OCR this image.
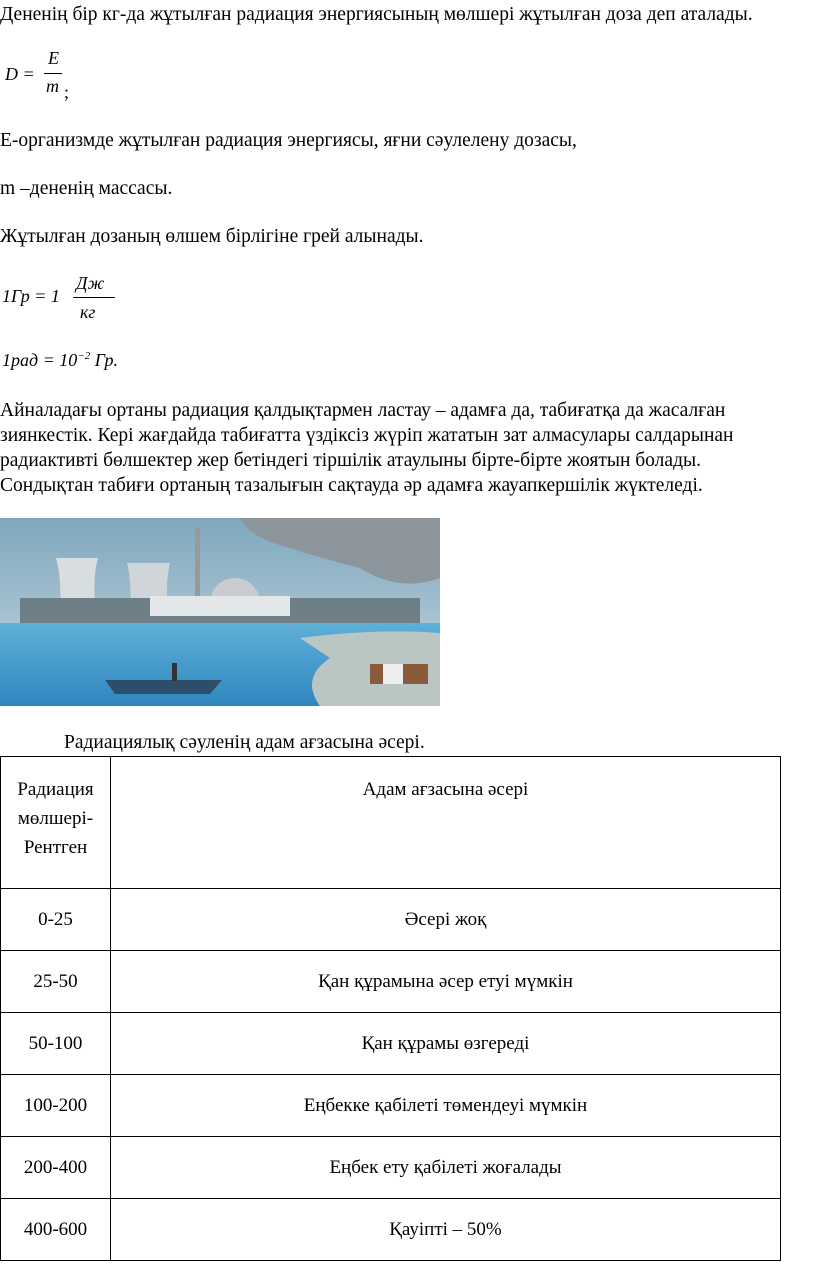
Дененің бір кг-да жұтылған радиация энергиясының мөлшері жұтылған доза деп аталады.
D =
E
m ;
Е-организмде жұтылған радиация энергиясы, яғни сәулелену дозасы,
m –дененің массасы.
Жұтылған дозаның өлшем бірлігіне грей алынады.
1Гр = 1
Дж
кг
$1рад = 10^{-2}$ Гр.
Айналадағы ортаны радиация қалдықтармен ластау – адамға да, табиғатқа да жасалған
зиянкестік. Кері жағдайда табиғатта үздіксіз жүріп жататын зат алмасулары салдарынан
радиактивті бөлшектер жер бетіндегі тіршілік атаулыны бірте-бірте жоятын болады.
Сондықтан табиғи ортаның тазалығын сақтауда әр адамға жауапкершілік жүктеледі.
Радиациялық сәуленің адам ағзасына әсері.
Радиация
мөлшері-
Рентген	Адам ағзасына әсері
0-25	Әсері жоқ
25-50	Қан құрамына әсер етуі мүмкін
50-100	Қан құрамы өзгереді
100-200	Еңбекке қабілеті төмендеуі мүмкін
200-400	Еңбек ету қабілеті жоғалады
400-600	Қауіпті – 50%
